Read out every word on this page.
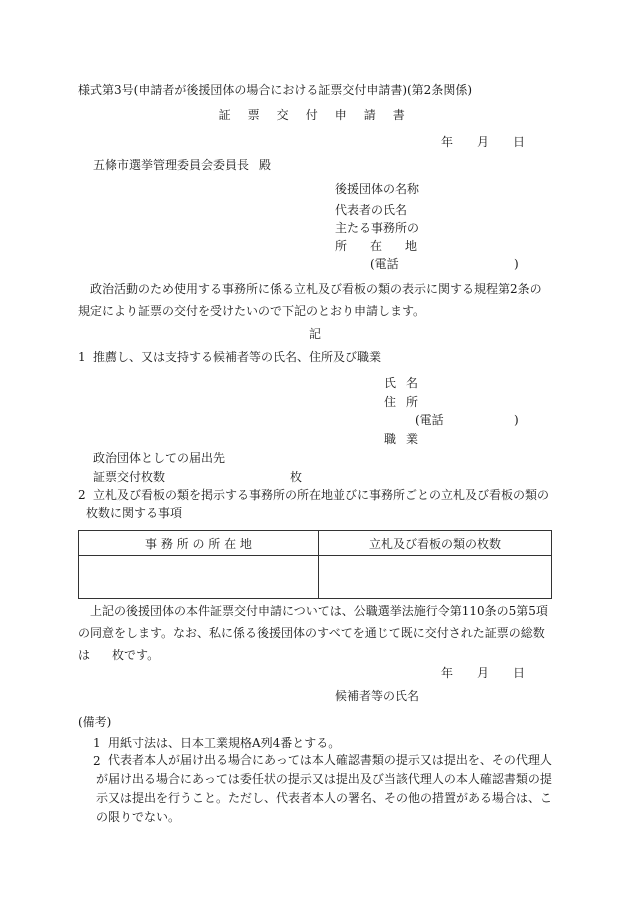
様式第3号(申請者が後援団体の場合における証票交付申請書)(第2条関係)
証 票 交 付 申 請 書
年 月 日
五條市選挙管理委員会委員長 殿
後援団体の名称
代表者の氏名
主たる事務所の
所 在 地
(電話	)
政治活動のため使用する事務所に係る立札及び看板の類の表示に関する規程第2条の規定により証票の交付を受けたいので下記のとおり申請します。
記
1 推薦し、又は支持する候補者等の氏名、住所及び職業
氏 名
住 所
(電話	)
職 業
政治団体としての届出先
証票交付枚数	枚
2 立札及び看板の類を掲示する事務所の所在地並びに事務所ごとの立札及び看板の類の
枚数に関する事項
事 務 所 の 所 在 地	立札及び看板の類の枚数

上記の後援団体の本件証票交付申請については、公職選挙法施行令第110条の5第5項の同意をします。なお、私に係る後援団体のすべてを通じて既に交付された証票の総数は 枚です。
年 月 日
候補者等の氏名
(備考)
1 用紙寸法は、日本工業規格A列4番とする。
2 代表者本人が届け出る場合にあっては本人確認書類の提示又は提出を、その代理人が届け出る場合にあっては委任状の提示又は提出及び当該代理人の本人確認書類の提示又は提出を行うこと。ただし、代表者本人の署名、その他の措置がある場合は、この限りでない。
